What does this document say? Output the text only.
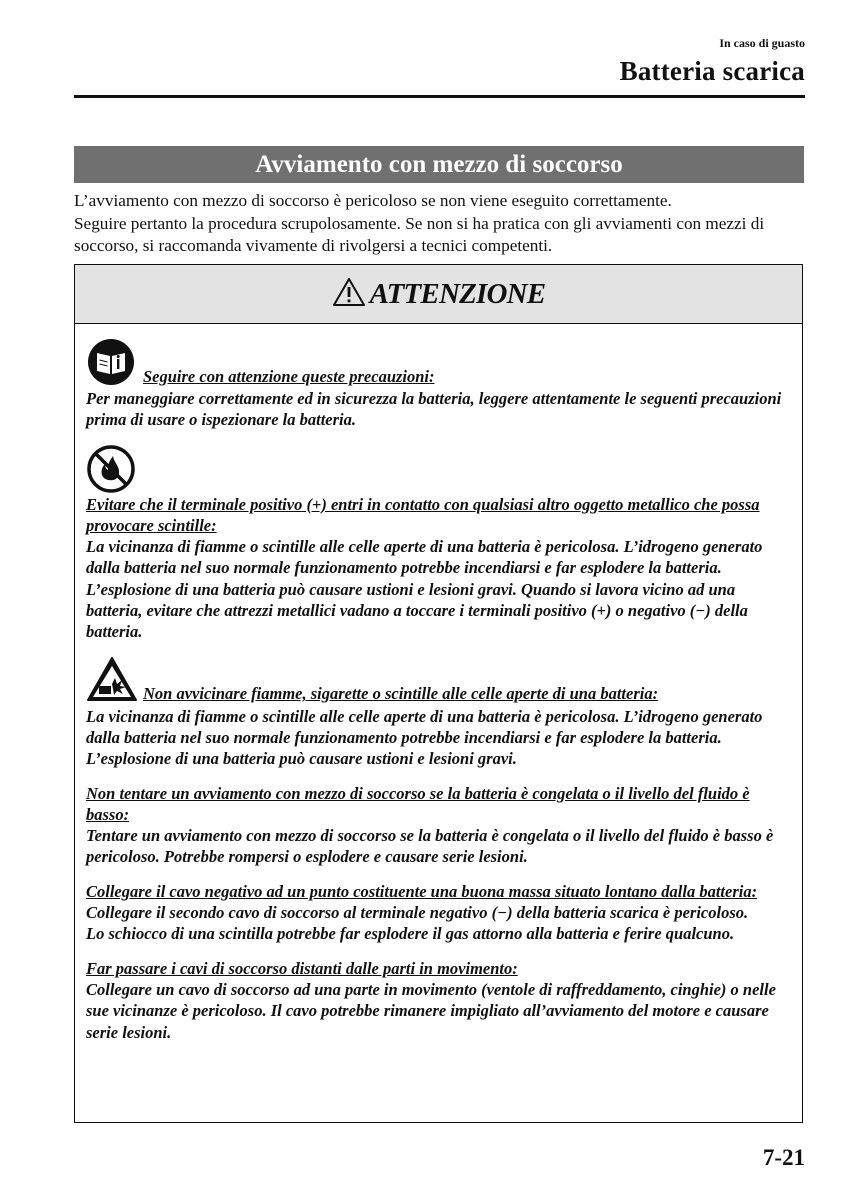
In caso di guasto
Batteria scarica
Avviamento con mezzo di soccorso

L’avviamento con mezzo di soccorso è pericoloso se non viene eseguito correttamente.

Seguire pertanto la procedura scrupolosamente. Se non si ha pratica con gli avviamenti con mezzi di soccorso, si raccomanda vivamente di rivolgersi a tecnici competenti.

ATTENZIONE
Seguire con attenzione queste precauzioni:

Per maneggiare correttamente ed in sicurezza la batteria, leggere attentamente le seguenti precauzioni prima di usare o ispezionare la batteria.

Evitare che il terminale positivo (+) entri in contatto con qualsiasi altro oggetto metallico che possa provocare scintille:

La vicinanza di fiamme o scintille alle celle aperte di una batteria è pericolosa. L’idrogeno generato dalla batteria nel suo normale funzionamento potrebbe incendiarsi e far esplodere la batteria. L’esplosione di una batteria può causare ustioni e lesioni gravi. Quando si lavora vicino ad una batteria, evitare che attrezzi metallici vadano a toccare i terminali positivo (+) o negativo (−) della batteria.

Non avvicinare fiamme, sigarette o scintille alle celle aperte di una batteria:

La vicinanza di fiamme o scintille alle celle aperte di una batteria è pericolosa. L’idrogeno generato dalla batteria nel suo normale funzionamento potrebbe incendiarsi e far esplodere la batteria. L’esplosione di una batteria può causare ustioni e lesioni gravi.

Non tentare un avviamento con mezzo di soccorso se la batteria è congelata o il livello del fluido è basso:

Tentare un avviamento con mezzo di soccorso se la batteria è congelata o il livello del fluido è basso è pericoloso. Potrebbe rompersi o esplodere e causare serie lesioni.

Collegare il cavo negativo ad un punto costituente una buona massa situato lontano dalla batteria:

Collegare il secondo cavo di soccorso al terminale negativo (−) della batteria scarica è pericoloso.

Lo schiocco di una scintilla potrebbe far esplodere il gas attorno alla batteria e ferire qualcuno.

Far passare i cavi di soccorso distanti dalle parti in movimento:

Collegare un cavo di soccorso ad una parte in movimento (ventole di raffreddamento, cinghie) o nelle sue vicinanze è pericoloso. Il cavo potrebbe rimanere impigliato all’avviamento del motore e causare serie lesioni.

7-21
